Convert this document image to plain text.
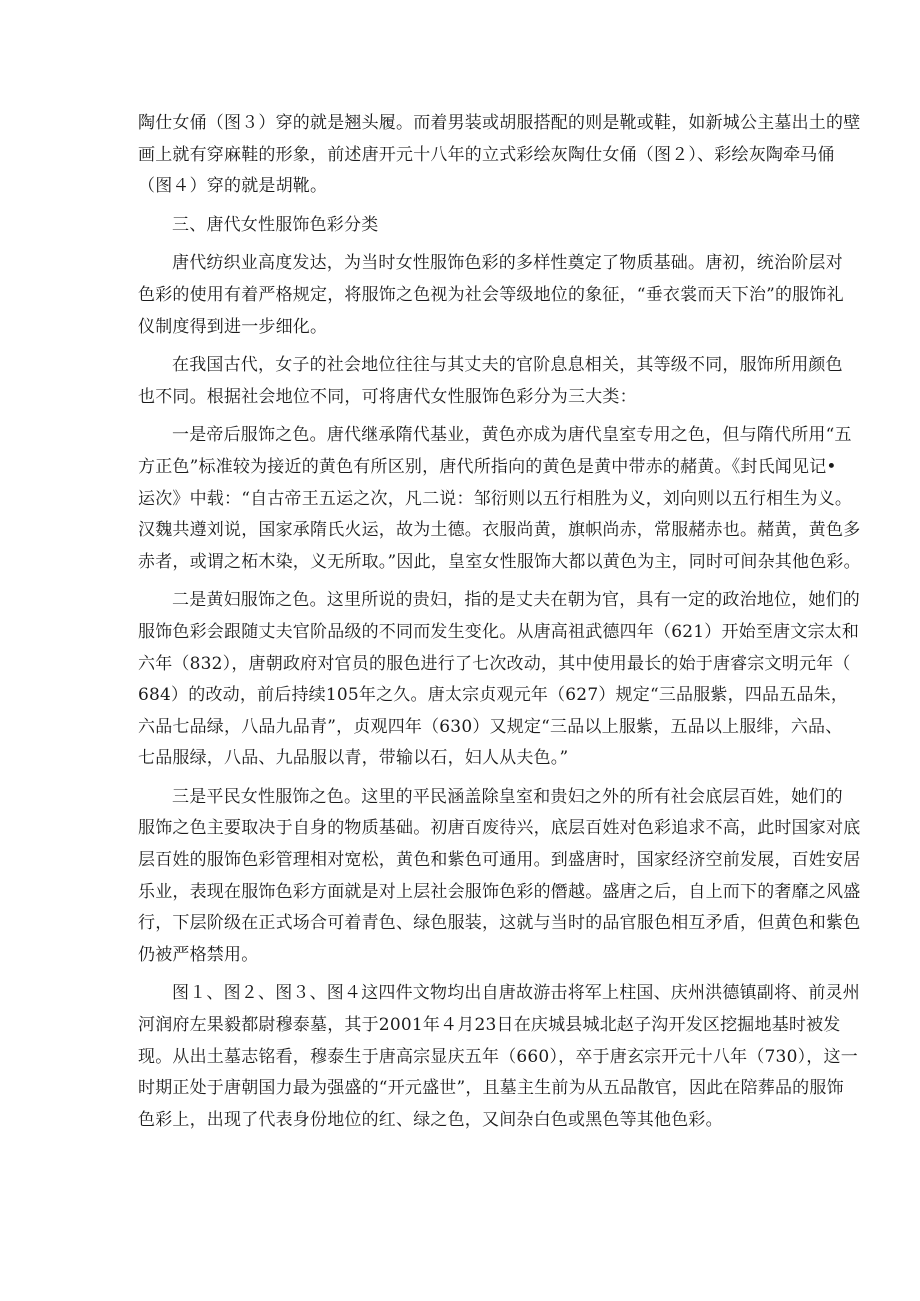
陶仕女俑（图３）穿的就是翘头履。而着男装或胡服搭配的则是靴或鞋，如新城公主墓出土的壁
画上就有穿麻鞋的形象，前述唐开元十八年的立式彩绘灰陶仕女俑（图２）、彩绘灰陶牵马俑
（图４）穿的就是胡靴。
三、唐代女性服饰色彩分类
唐代纺织业高度发达，为当时女性服饰色彩的多样性奠定了物质基础。唐初，统治阶层对
色彩的使用有着严格规定，将服饰之色视为社会等级地位的象征，“垂衣裳而天下治”的服饰礼
仪制度得到进一步细化。
在我国古代，女子的社会地位往往与其丈夫的官阶息息相关，其等级不同，服饰所用颜色
也不同。根据社会地位不同，可将唐代女性服饰色彩分为三大类：
一是帝后服饰之色。唐代继承隋代基业，黄色亦成为唐代皇室专用之色，但与隋代所用“五
方正色”标准较为接近的黄色有所区别，唐代所指向的黄色是黄中带赤的赭黄。《封氏闻见记•
运次》中载：“自古帝王五运之次，凡二说：邹衍则以五行相胜为义，刘向则以五行相生为义。
汉魏共遵刘说，国家承隋氏火运，故为土德。衣服尚黄，旗帜尚赤，常服赭赤也。赭黄，黄色多
赤者，或谓之柘木染，义无所取。”因此，皇室女性服饰大都以黄色为主，同时可间杂其他色彩。
二是黄妇服饰之色。这里所说的贵妇，指的是丈夫在朝为官，具有一定的政治地位，她们的
服饰色彩会跟随丈夫官阶品级的不同而发生变化。从唐高祖武德四年（621）开始至唐文宗太和
六年（832），唐朝政府对官员的服色进行了七次改动，其中使用最长的始于唐睿宗文明元年（
684）的改动，前后持续105年之久。唐太宗贞观元年（627）规定“三品服紫，四品五品朱，
六品七品绿，八品九品青”，贞观四年（630）又规定“三品以上服紫，五品以上服绯，六品、
七品服绿，八品、九品服以青，带输以石，妇人从夫色。”
三是平民女性服饰之色。这里的平民涵盖除皇室和贵妇之外的所有社会底层百姓，她们的
服饰之色主要取决于自身的物质基础。初唐百废待兴，底层百姓对色彩追求不高，此时国家对底
层百姓的服饰色彩管理相对宽松，黄色和紫色可通用。到盛唐时，国家经济空前发展，百姓安居
乐业，表现在服饰色彩方面就是对上层社会服饰色彩的僭越。盛唐之后，自上而下的奢靡之风盛
行，下层阶级在正式场合可着青色、绿色服装，这就与当时的品官服色相互矛盾，但黄色和紫色
仍被严格禁用。
图１、图２、图３、图４这四件文物均出自唐故游击将军上柱国、庆州洪德镇副将、前灵州
河润府左果毅都尉穆泰墓，其于2001年４月23日在庆城县城北赵子沟开发区挖掘地基时被发
现。从出土墓志铭看，穆泰生于唐高宗显庆五年（660），卒于唐玄宗开元十八年（730），这一
时期正处于唐朝国力最为强盛的“开元盛世”，且墓主生前为从五品散官，因此在陪葬品的服饰
色彩上，出现了代表身份地位的红、绿之色，又间杂白色或黑色等其他色彩。
